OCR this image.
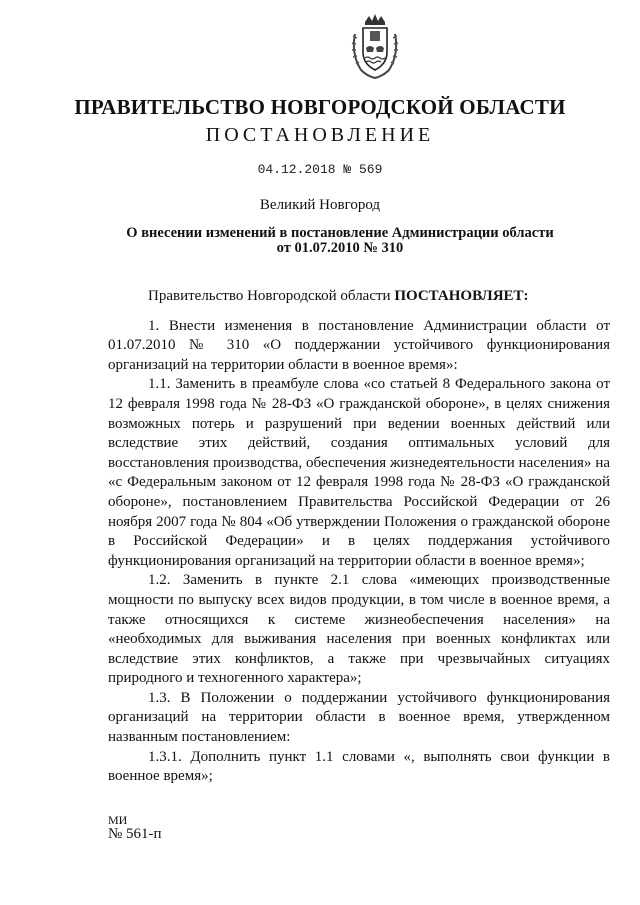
ПРАВИТЕЛЬСТВО НОВГОРОДСКОЙ ОБЛАСТИ
ПОСТАНОВЛЕНИЕ
04.12.2018 № 569
Великий Новгород
О внесении изменений в постановление Администрации области
от 01.07.2010 № 310

Правительство Новгородской области ПОСТАНОВЛЯЕТ:

1. Внести изменения в постановление Администрации области от 01.07.2010 № 310 «О поддержании устойчивого функционирования организаций на территории области в военное время»:

1.1. Заменить в преамбуле слова «со статьей 8 Федерального закона от 12 февраля 1998 года № 28-ФЗ «О гражданской обороне», в целях снижения возможных потерь и разрушений при ведении военных действий или вследствие этих действий, создания оптимальных условий для восстановления производства, обеспечения жизнедеятельности населения» на «с Федеральным законом от 12 февраля 1998 года № 28-ФЗ «О гражданской обороне», постановлением Правительства Российской Федерации от 26 ноября 2007 года № 804 «Об утверждении Положения о гражданской обороне в Российской Федерации» и в целях поддержания устойчивого функционирования организаций на территории области в военное время»;

1.2. Заменить в пункте 2.1 слова «имеющих производственные мощности по выпуску всех видов продукции, в том числе в военное время, а также относящихся к системе жизнеобеспечения населения» на «необходимых для выживания населения при военных конфликтах или вследствие этих конфликтов, а также при чрезвычайных ситуациях природного и техногенного характера»;

1.3. В Положении о поддержании устойчивого функционирования организаций на территории области в военное время, утвержденном названным постановлением:

1.3.1. Дополнить пункт 1.1 словами «, выполнять свои функции в военное время»;

МИ
№ 561-п
